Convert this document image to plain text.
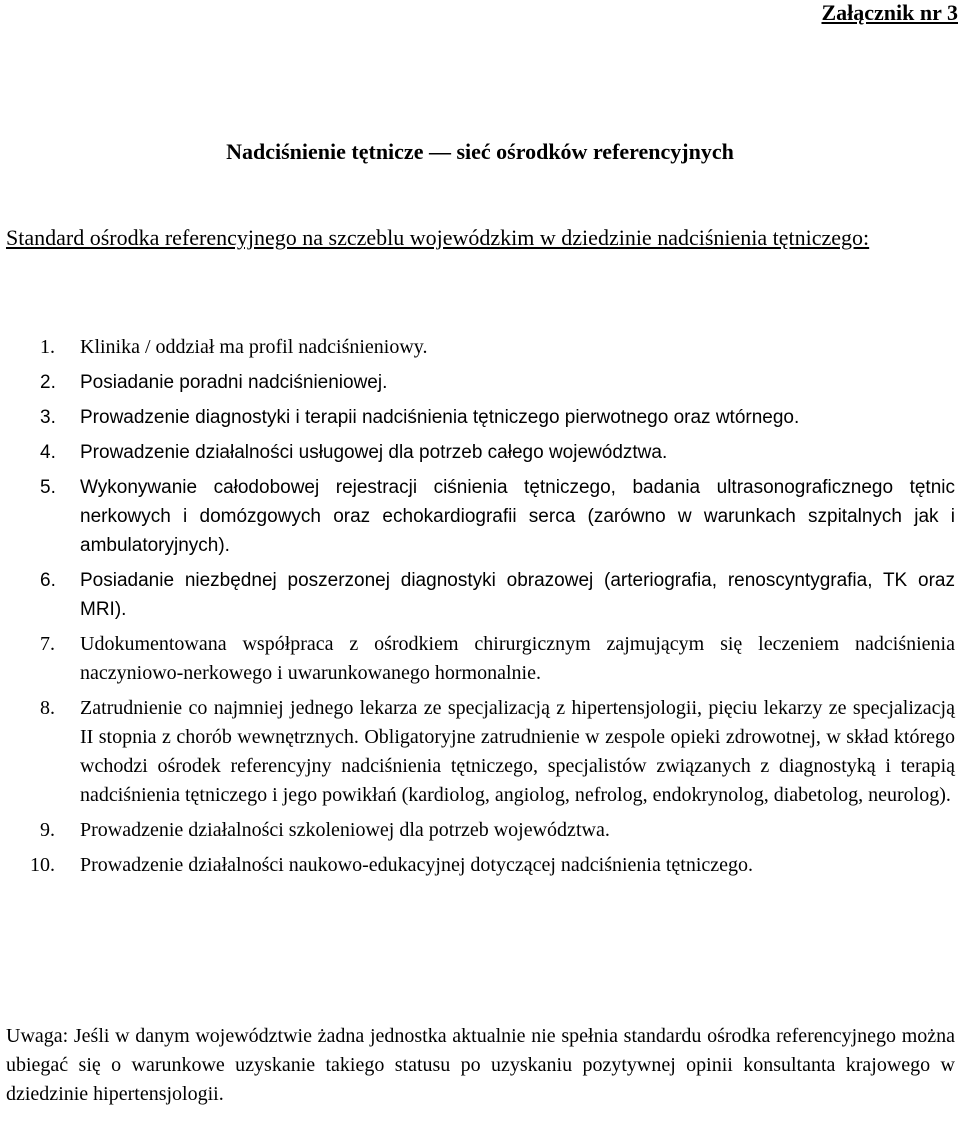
Załącznik nr 3
Nadciśnienie tętnicze — sieć ośrodków referencyjnych
Standard ośrodka referencyjnego na szczeblu wojewódzkim w dziedzinie nadciśnienia tętniczego:
1. Klinika / oddział ma profil nadciśnieniowy.
2. Posiadanie poradni nadciśnieniowej.
3. Prowadzenie diagnostyki i terapii nadciśnienia tętniczego pierwotnego oraz wtórnego.
4. Prowadzenie działalności usługowej dla potrzeb całego województwa.
5. Wykonywanie całodobowej rejestracji ciśnienia tętniczego, badania ultrasonograficznego tętnic nerkowych i domózgowych oraz echokardiografii serca (zarówno w warunkach szpitalnych jak i ambulatoryjnych).
6. Posiadanie niezbędnej poszerzonej diagnostyki obrazowej (arteriografia, renoscyntygrafia, TK oraz MRI).
7. Udokumentowana współpraca z ośrodkiem chirurgicznym zajmującym się leczeniem nadciśnienia naczyniowo-nerkowego i uwarunkowanego hormonalnie.
8. Zatrudnienie co najmniej jednego lekarza ze specjalizacją z hipertensjologii, pięciu lekarzy ze specjalizacją II stopnia z chorób wewnętrznych. Obligatoryjne zatrudnienie w zespole opieki zdrowotnej, w skład którego wchodzi ośrodek referencyjny nadciśnienia tętniczego, specjalistów związanych z diagnostyką i terapią nadciśnienia tętniczego i jego powikłań (kardiolog, angiolog, nefrolog, endokrynolog, diabetolog, neurolog).
9. Prowadzenie działalności szkoleniowej dla potrzeb województwa.
10. Prowadzenie działalności naukowo-edukacyjnej dotyczącej nadciśnienia tętniczego.
Uwaga: Jeśli w danym województwie żadna jednostka aktualnie nie spełnia standardu ośrodka referencyjnego można ubiegać się o warunkowe uzyskanie takiego statusu po uzyskaniu pozytywnej opinii konsultanta krajowego w dziedzinie hipertensjologii.
